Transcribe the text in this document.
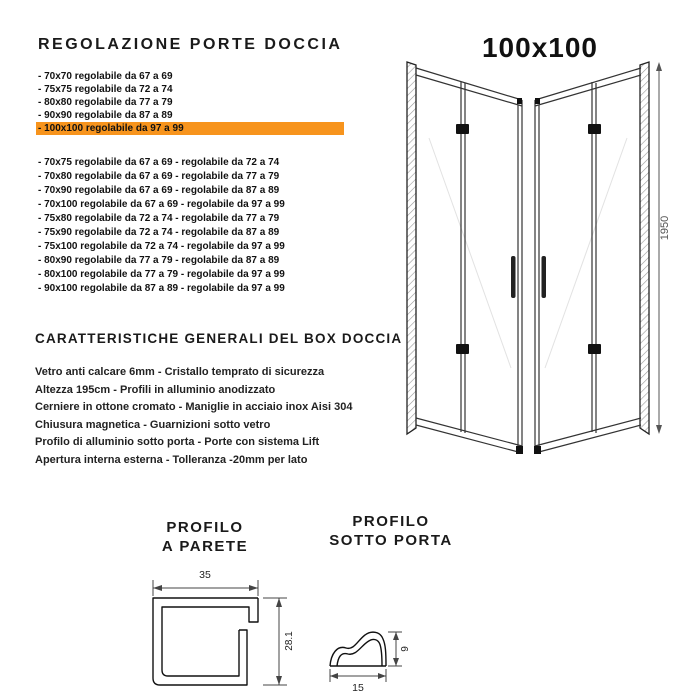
REGOLAZIONE PORTE DOCCIA
- 70x70 regolabile da 67 a 69
- 75x75 regolabile da 72 a 74
- 80x80 regolabile da 77 a 79
- 90x90 regolabile da 87 a 89
- 100x100 regolabile da 97 a 99
- 70x75 regolabile da 67 a 69 - regolabile da 72 a 74
- 70x80 regolabile da 67 a 69 - regolabile da 77 a 79
- 70x90 regolabile da 67 a 69 - regolabile da 87 a 89
- 70x100 regolabile da 67 a 69 - regolabile da 97 a 99
- 75x80 regolabile da 72 a 74 - regolabile da 77 a 79
- 75x90 regolabile da 72 a 74 - regolabile da 87 a 89
- 75x100 regolabile da 72 a 74 - regolabile da 97 a 99
- 80x90 regolabile da 77 a 79 - regolabile da 87 a 89
- 80x100 regolabile da 77 a 79 - regolabile da 97 a 99
- 90x100 regolabile da 87 a 89 - regolabile da 97 a 99
CARATTERISTICHE GENERALI DEL BOX DOCCIA
Vetro anti calcare 6mm - Cristallo temprato di sicurezza
Altezza 195cm - Profili in alluminio anodizzato
Cerniere in ottone cromato - Maniglie in acciaio inox Aisi 304
Chiusura magnetica - Guarnizioni sotto vetro
Profilo di alluminio sotto porta - Porte con sistema Lift
Apertura interna esterna - Tolleranza -20mm per lato
100x100
1950
PROFILO
A PARETE
35
28.1
PROFILO
SOTTO PORTA
15
9
